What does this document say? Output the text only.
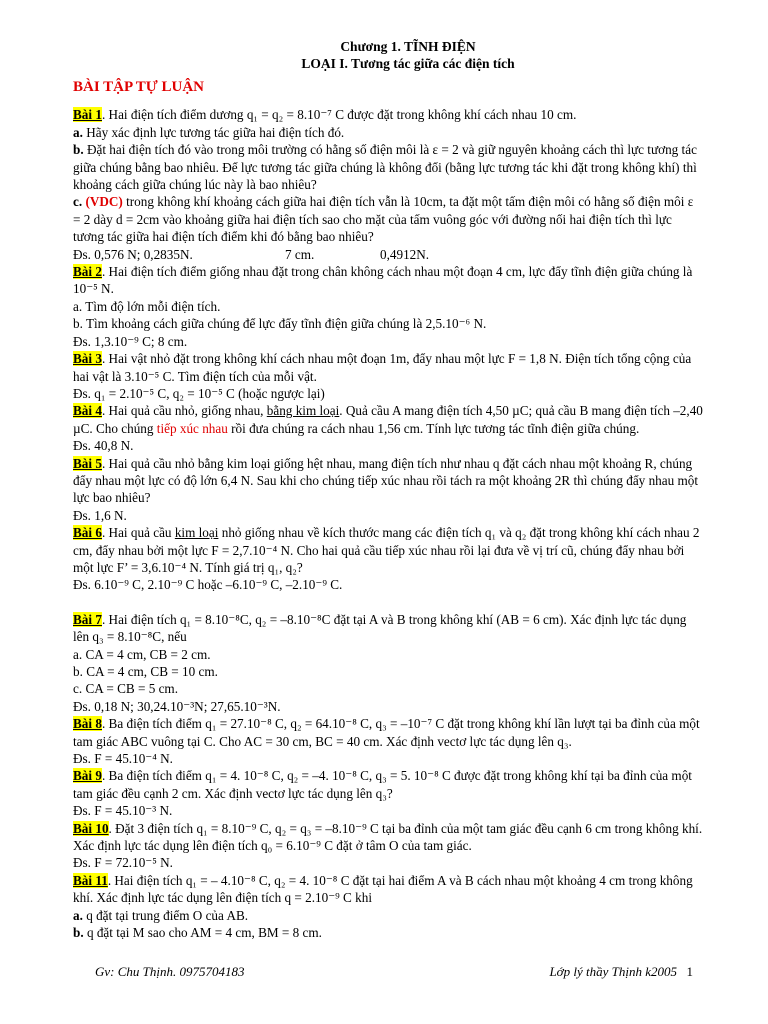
Chương 1. TĨNH ĐIỆN
LOẠI I. Tương tác giữa các điện tích
BÀI TẬP TỰ LUẬN

Bài 1. Hai điện tích điểm dương q₁ = q₂ = 8.10⁻⁷ C được đặt trong không khí cách nhau 10 cm.

a. Hãy xác định lực tương tác giữa hai điện tích đó.

b. Đặt hai điện tích đó vào trong môi trường có hằng số điện môi là ε = 2 và giữ nguyên khoảng cách thì lực tương tác giữa chúng bằng bao nhiêu. Để lực tương tác giữa chúng là không đổi (bằng lực tương tác khi đặt trong không khí) thì khoảng cách giữa chúng lúc này là bao nhiêu?

c. (VDC) trong không khí khoảng cách giữa hai điện tích vẫn là 10cm, ta đặt một tấm điện môi có hằng số điện môi ε = 2 dày d = 2cm vào khoảng giữa hai điện tích sao cho mặt của tấm vuông góc với đường nối hai điện tích thì lực tương tác giữa hai điện tích điểm khi đó bằng bao nhiêu?

Đs. 0,576 N; 0,2835N.	7 cm.	0,4912N.

Bài 2. Hai điện tích điểm giống nhau đặt trong chân không cách nhau một đoạn 4 cm, lực đẩy tĩnh điện giữa chúng là 10⁻⁵ N.

a. Tìm độ lớn mỗi điện tích.

b. Tìm khoảng cách giữa chúng để lực đẩy tĩnh điện giữa chúng là 2,5.10⁻⁶ N.

Đs. 1,3.10⁻⁹ C; 8 cm.

Bài 3. Hai vật nhỏ đặt trong không khí cách nhau một đoạn 1m, đẩy nhau một lực F = 1,8 N. Điện tích tổng cộng của hai vật là 3.10⁻⁵ C. Tìm điện tích của mỗi vật.

Đs. q₁ = 2.10⁻⁵ C, q₂ = 10⁻⁵ C (hoặc ngược lại)

Bài 4. Hai quả cầu nhỏ, giống nhau, bằng kim loại. Quả cầu A mang điện tích 4,50 µC; quả cầu B mang điện tích –2,40 µC. Cho chúng tiếp xúc nhau rồi đưa chúng ra cách nhau 1,56 cm. Tính lực tương tác tĩnh điện giữa chúng.

Đs. 40,8 N.

Bài 5. Hai quả cầu nhỏ bằng kim loại giống hệt nhau, mang điện tích như nhau q đặt cách nhau một khoảng R, chúng đẩy nhau một lực có độ lớn 6,4 N. Sau khi cho chúng tiếp xúc nhau rồi tách ra một khoảng 2R thì chúng đẩy nhau một lực bao nhiêu?

Đs. 1,6 N.

Bài 6. Hai quả cầu kim loại nhỏ giống nhau về kích thước mang các điện tích q₁ và q₂ đặt trong không khí cách nhau 2 cm, đẩy nhau bởi một lực F = 2,7.10⁻⁴ N. Cho hai quả cầu tiếp xúc nhau rồi lại đưa về vị trí cũ, chúng đẩy nhau bởi một lực F’ = 3,6.10⁻⁴ N. Tính giá trị q₁, q₂?

Đs. 6.10⁻⁹ C, 2.10⁻⁹ C hoặc –6.10⁻⁹ C, –2.10⁻⁹ C.

Bài 7. Hai điện tích q₁ = 8.10⁻⁸C, q₂ = –8.10⁻⁸C đặt tại A và B trong không khí (AB = 6 cm). Xác định lực tác dụng lên q₃ = 8.10⁻⁸C, nếu

a. CA = 4 cm, CB = 2 cm.

b. CA = 4 cm, CB = 10 cm.

c. CA = CB = 5 cm.

Đs. 0,18 N; 30,24.10⁻³N; 27,65.10⁻³N.

Bài 8. Ba điện tích điểm q₁ = 27.10⁻⁸ C, q₂ = 64.10⁻⁸ C, q₃ = –10⁻⁷ C đặt trong không khí lần lượt tại ba đỉnh của một tam giác ABC vuông tại C. Cho AC = 30 cm, BC = 40 cm. Xác định vectơ lực tác dụng lên q₃.

Đs. F = 45.10⁻⁴ N.

Bài 9. Ba điện tích điểm q₁ = 4. 10⁻⁸ C, q₂ = –4. 10⁻⁸ C, q₃ = 5. 10⁻⁸ C được đặt trong không khí tại ba đỉnh của một tam giác đều cạnh 2 cm. Xác định vectơ lực tác dụng lên q₃?

Đs. F = 45.10⁻³ N.

Bài 10. Đặt 3 điện tích q₁ = 8.10⁻⁹ C, q₂ = q₃ = –8.10⁻⁹ C tại ba đỉnh của một tam giác đều cạnh 6 cm trong không khí. Xác định lực tác dụng lên điện tích q₀ = 6.10⁻⁹ C đặt ở tâm O của tam giác.

Đs. F = 72.10⁻⁵ N.

Bài 11. Hai điện tích q₁ = – 4.10⁻⁸ C, q₂ = 4. 10⁻⁸ C đặt tại hai điểm A và B cách nhau một khoảng 4 cm trong không khí. Xác định lực tác dụng lên điện tích q = 2.10⁻⁹ C khi

a. q đặt tại trung điểm O của AB.

b. q đặt tại M sao cho AM = 4 cm, BM = 8 cm.

Gv: Chu Thịnh. 0975704183	Lớp lý thầy Thịnh k2005 1
